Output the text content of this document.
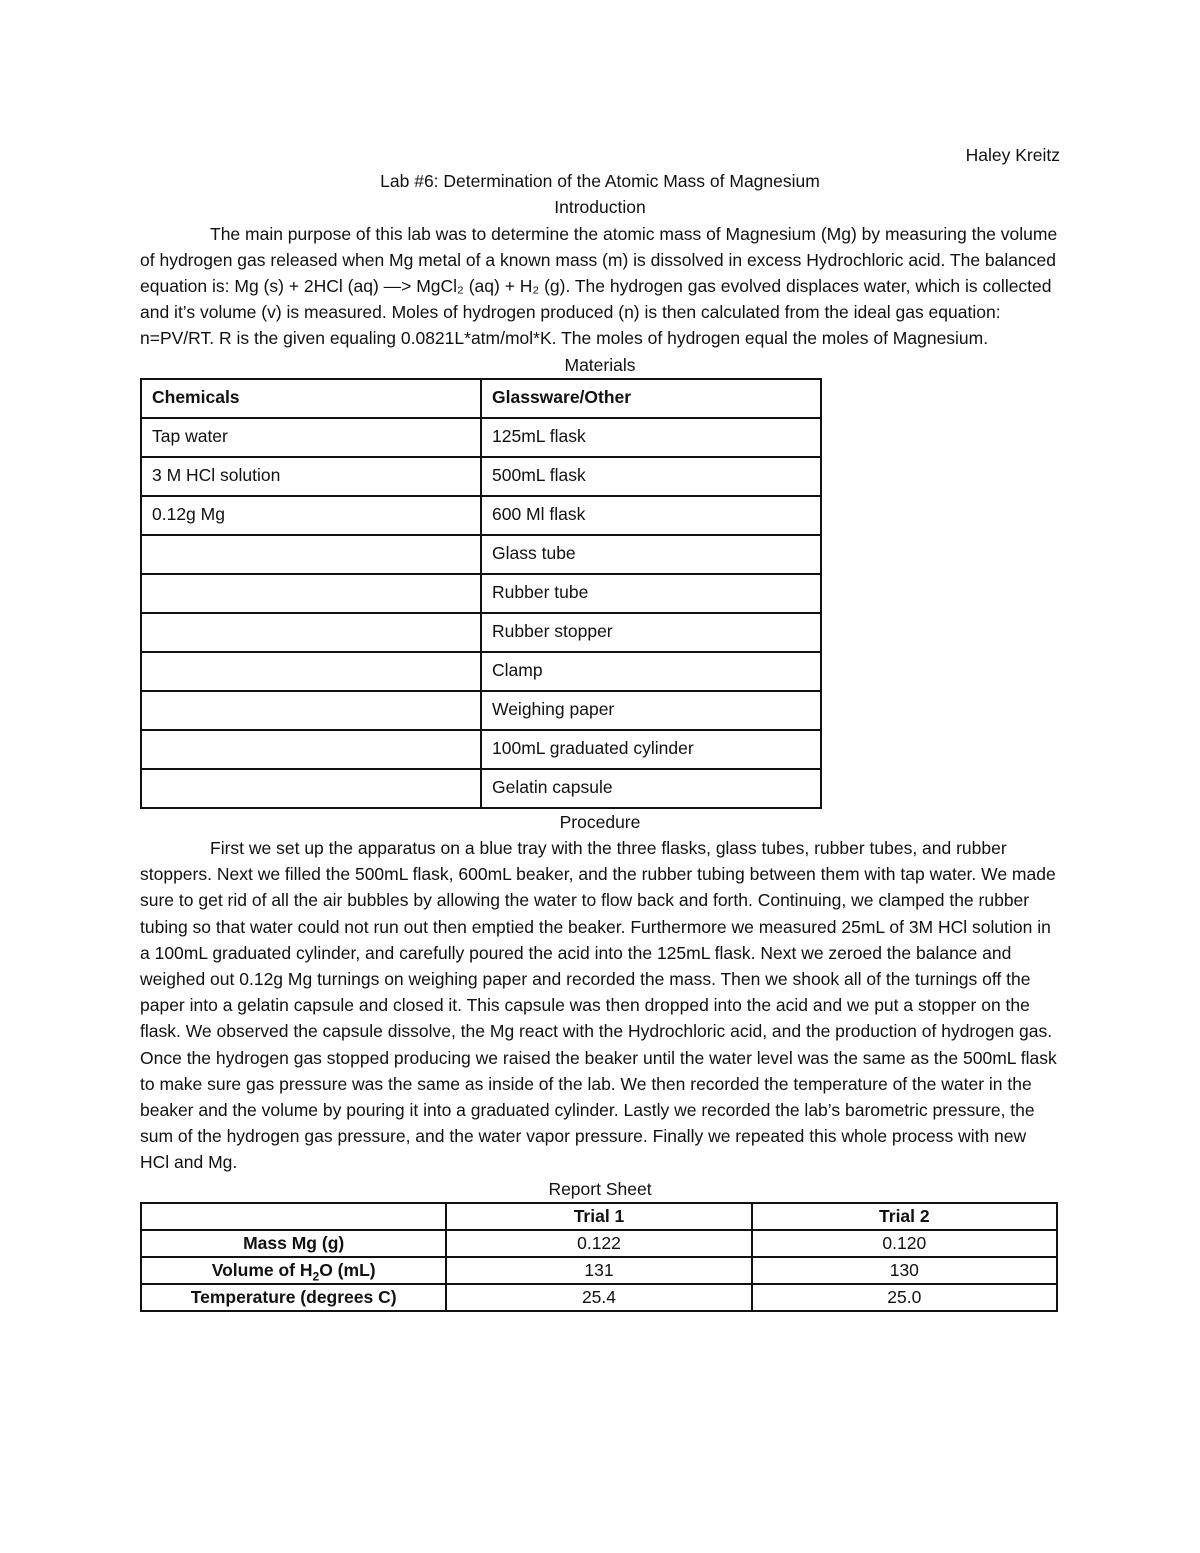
Haley Kreitz
Lab #6: Determination of the Atomic Mass of Magnesium
Introduction

The main purpose of this lab was to determine the atomic mass of Magnesium (Mg) by measuring the volume of hydrogen gas released when Mg metal of a known mass (m) is dissolved in excess Hydrochloric acid. The balanced equation is: Mg (s) + 2HCl (aq) —> MgCl₂ (aq) + H₂ (g). The hydrogen gas evolved displaces water, which is collected and it’s volume (v) is measured. Moles of hydrogen produced (n) is then calculated from the ideal gas equation: n=PV/RT. R is the given equaling 0.0821L*atm/mol*K. The moles of hydrogen equal the moles of Magnesium.

Materials
Chemicals	Glassware/Other
Tap water	125mL flask
3 M HCl solution	500mL flask
0.12g Mg	600 Ml flask
	Glass tube
	Rubber tube
	Rubber stopper
	Clamp
	Weighing paper
	100mL graduated cylinder
	Gelatin capsule
Procedure

First we set up the apparatus on a blue tray with the three flasks, glass tubes, rubber tubes, and rubber stoppers. Next we filled the 500mL flask, 600mL beaker, and the rubber tubing between them with tap water. We made sure to get rid of all the air bubbles by allowing the water to flow back and forth. Continuing, we clamped the rubber tubing so that water could not run out then emptied the beaker. Furthermore we measured 25mL of 3M HCl solution in a 100mL graduated cylinder, and carefully poured the acid into the 125mL flask. Next we zeroed the balance and weighed out 0.12g Mg turnings on weighing paper and recorded the mass. Then we shook all of the turnings off the paper into a gelatin capsule and closed it. This capsule was then dropped into the acid and we put a stopper on the flask. We observed the capsule dissolve, the Mg react with the Hydrochloric acid, and the production of hydrogen gas. Once the hydrogen gas stopped producing we raised the beaker until the water level was the same as the 500mL flask to make sure gas pressure was the same as inside of the lab. We then recorded the temperature of the water in the beaker and the volume by pouring it into a graduated cylinder. Lastly we recorded the lab’s barometric pressure, the sum of the hydrogen gas pressure, and the water vapor pressure. Finally we repeated this whole process with new HCl and Mg.

Report Sheet
	Trial 1	Trial 2
Mass Mg (g)	0.122	0.120
Volume of $H_2O$ (mL)	131	130
Temperature (degrees C)	25.4	25.0
